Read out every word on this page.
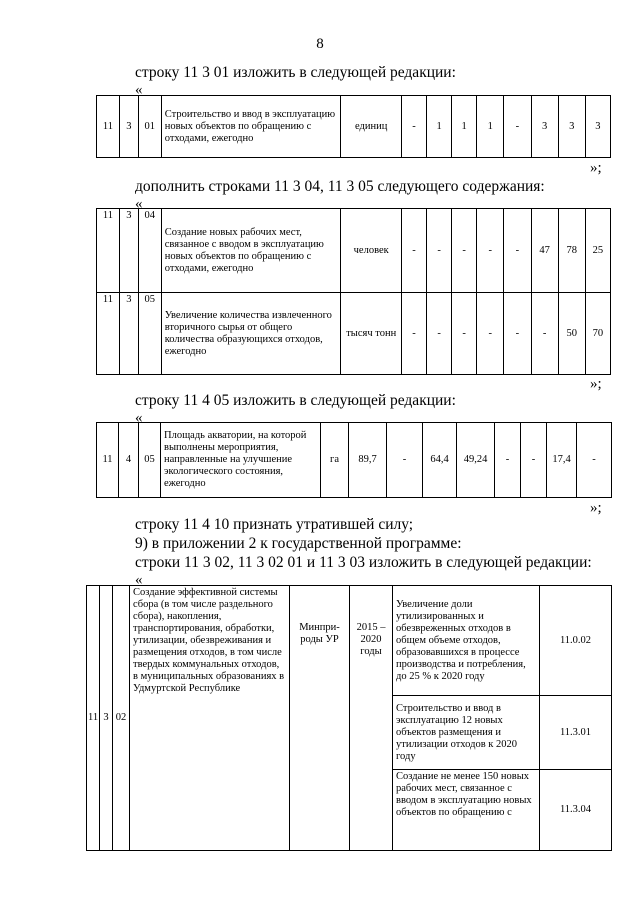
8
строку 11 3 01 изложить в следующей редакции:
«
11	3	01	Строительство и ввод в эксплуатацию новых объектов по обращению с отходами, ежегодно	единиц	-	1	1	1	-	3	3	3
»;
дополнить строками 11 3 04, 11 3 05 следующего содержания:
«
11	3	04	Создание новых рабочих мест, связанное с вводом в эксплуатацию новых объектов по обращению с отходами, ежегодно	человек	-	-	-	-	-	47	78	25
11	3	05	Увеличение количества извлеченного вторичного сырья от общего количества образующихся отходов, ежегодно	тысяч тонн	-	-	-	-	-	-	50	70
»;
строку 11 4 05 изложить в следующей редакции:
«
11	4	05	Площадь акватории, на которой выполнены мероприятия, направленные на улучшение экологического состояния, ежегодно	га	89,7	-	64,4	49,24	-	-	17,4	-
»;
строку 11 4 10 признать утратившей силу;
9) в приложении 2 к государственной программе:
строки 11 3 02, 11 3 02 01 и 11 3 03 изложить в следующей редакции:
«
11	3	02	Создание эффективной системы сбора (в том числе раздельного сбора), накопления, транспортирования, обработки, утилизации, обезвреживания и размещения отходов, в том числе твердых коммунальных отходов, в муниципальных образованиях в Удмуртской Республике	Минпри-роды УР	2015 – 2020 годы	Увеличение доли утилизированных и обезвреженных отходов в общем объеме отходов, образовавшихся в процессе производства и потребления, до 25 % к 2020 году	11.0.02
						Строительство и ввод в эксплуатацию 12 новых объектов размещения и утилизации отходов к 2020 году	11.3.01
						Создание не менее 150 новых рабочих мест, связанное с вводом в эксплуатацию новых объектов по обращению с	11.3.04
